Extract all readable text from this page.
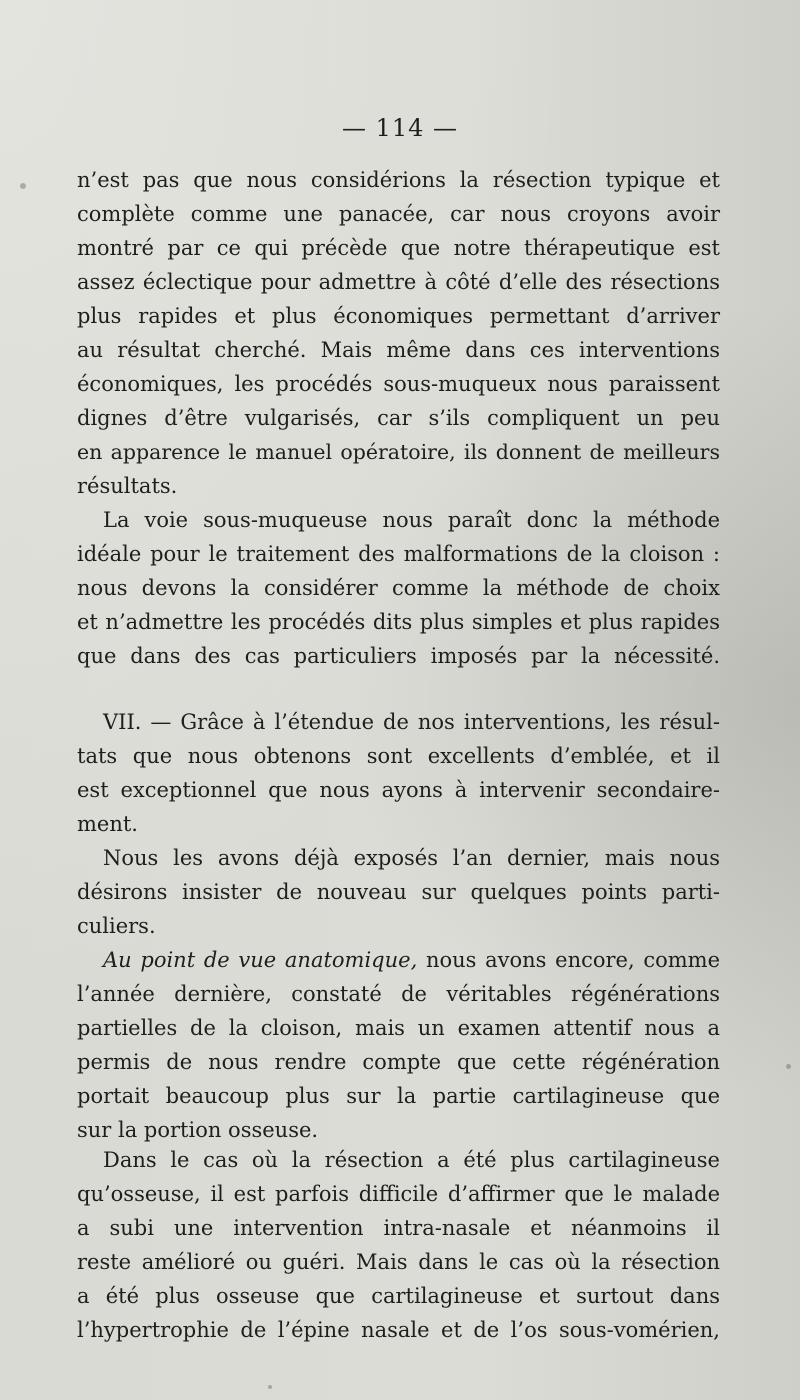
— 114 —
n’est pas que nous considérions la résection typique et
complète comme une panacée, car nous croyons avoir
montré par ce qui précède que notre thérapeutique est
assez éclectique pour admettre à côté d’elle des résections
plus rapides et plus économiques permettant d’arriver
au résultat cherché. Mais même dans ces interventions
économiques, les procédés sous-muqueux nous paraissent
dignes d’être vulgarisés, car s’ils compliquent un peu
en apparence le manuel opératoire, ils donnent de meilleurs
résultats.
La voie sous-muqueuse nous paraît donc la méthode
idéale pour le traitement des malformations de la cloison :
nous devons la considérer comme la méthode de choix
et n’admettre les procédés dits plus simples et plus rapides
que dans des cas particuliers imposés par la nécessité.
VII. — Grâce à l’étendue de nos interventions, les résul-
tats que nous obtenons sont excellents d’emblée, et il
est exceptionnel que nous ayons à intervenir secondaire-
ment.
Nous les avons déjà exposés l’an dernier, mais nous
désirons insister de nouveau sur quelques points parti-
culiers.
Au point de vue anatomique, nous avons encore, comme
l’année dernière, constaté de véritables régénérations
partielles de la cloison, mais un examen attentif nous a
permis de nous rendre compte que cette régénération
portait beaucoup plus sur la partie cartilagineuse que
sur la portion osseuse.
Dans le cas où la résection a été plus cartilagineuse
qu’osseuse, il est parfois difficile d’affirmer que le malade
a subi une intervention intra-nasale et néanmoins il
reste amélioré ou guéri. Mais dans le cas où la résection
a été plus osseuse que cartilagineuse et surtout dans
l’hypertrophie de l’épine nasale et de l’os sous-vomérien,
